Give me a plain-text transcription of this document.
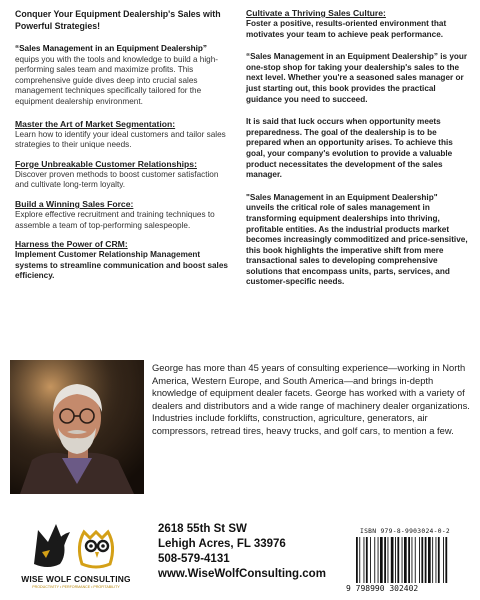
Conquer Your Equipment Dealership's Sales with Powerful Strategies!

“Sales Management in an Equipment Dealership” equips you with the tools and knowledge to build a high-performing sales team and maximize profits. This comprehensive guide dives deep into crucial sales management techniques specifically tailored for the equipment dealership environment.

Master the Art of Market Segmentation:

Learn how to identify your ideal customers and tailor sales strategies to their unique needs.

Forge Unbreakable Customer Relationships:

Discover proven methods to boost customer satisfaction and cultivate long-term loyalty.

Build a Winning Sales Force:

Explore effective recruitment and training techniques to assemble a team of top-performing salespeople.

Harness the Power of CRM:

Implement Customer Relationship Management systems to streamline communication and boost sales efficiency.

Cultivate a Thriving Sales Culture:

Foster a positive, results-oriented environment that motivates your team to achieve peak performance.

“Sales Management in an Equipment Dealership” is your one-stop shop for taking your dealership's sales to the next level. Whether you're a seasoned sales manager or just starting out, this book provides the practical guidance you need to succeed.

It is said that luck occurs when opportunity meets preparedness. The goal of the dealership is to be prepared when an opportunity arises. To achieve this goal, your company's evolution to provide a valuable product necessitates the development of the sales manager.

"Sales Management in an Equipment Dealership" unveils the critical role of sales management in transforming equipment dealerships into thriving, profitable entities. As the industrial products market becomes increasingly commoditized and price-sensitive, this book highlights the imperative shift from mere transactional sales to developing comprehensive solutions that encompass units, parts, services, and customer-specific needs.

George has more than 45 years of consulting experience—working in North America, Western Europe, and South America—and brings in-depth knowledge of equipment dealer facets. George has worked with a variety of dealers and distributors and a wide range of machinery dealer organizations. Industries include forklifts, construction, agriculture, generators, air compressors, retread tires, heavy trucks, and golf cars, to mention a few.

WISE WOLF CONSULTING
PRODUCTIVITY • PERFORMANCE • PROFITABILITY
2618 55th St SW
Lehigh Acres, FL 33976
508-579-4131
www.WiseWolfConsulting.com
ISBN 979-8-9903024-0-2
9 798990 302402
